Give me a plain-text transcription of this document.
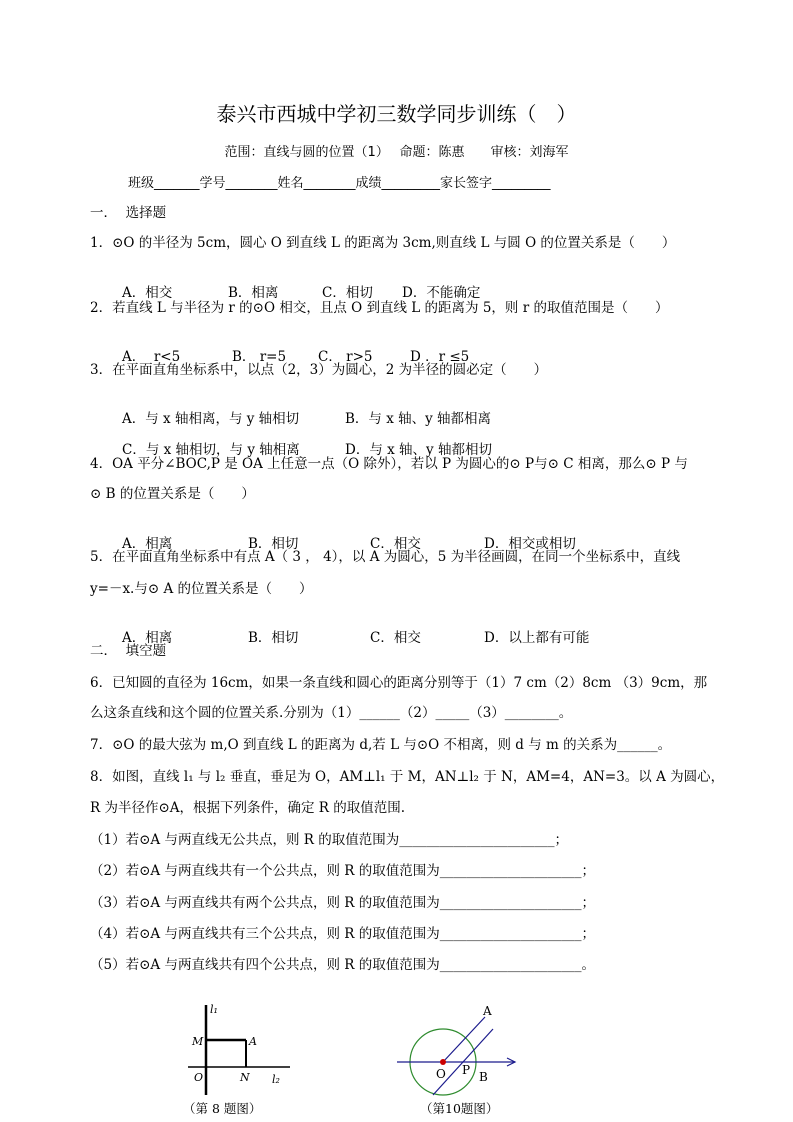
泰兴市西城中学初三数学同步训练（　）
范围：直线与圆的位置（1）　 命题：陈惠　　审核：刘海军
班级_______学号________姓名________成绩_________家长签字_________
一．  选择题
1．⊙O 的半径为 5cm，圆心 O 到直线 L 的距离为 3cm,则直线 L 与圆 O 的位置关系是（　　）

A．相交	B．相离	C．相切 D．不能确定
2．若直线 L 与半径为 r 的⊙O 相交，且点 O 到直线 L 的距离为 5，则 r 的取值范围是（　　）

A．  r<5	B． r=5 C． r>5	D ．r ≤5
3．在平面直角坐标系中，以点（2，3）为圆心，2 为半径的圆必定（　　）

A．与 x 轴相离，与 y 轴相切	B．与 x 轴、y 轴都相离

C．与 x 轴相切，与 y 轴相离	D．与 x 轴、y 轴都相切
4．OA 平分∠BOC,P 是 OA 上任意一点（O 除外），若以 P 为圆心的⊙ P与⊙ C 相离，那么⊙ P 与
⊙ B 的位置关系是（　　）

A．相离	B．相切	C．相交	D．相交或相切
5．在平面直角坐标系中有点 A（ 3 ， 4），以 A 为圆心，5 为半径画圆，在同一个坐标系中，直线
y=－x.与⊙ A 的位置关系是（　　）

A．相离	B．相切	C．相交	D．以上都有可能
二．  填空题
6．已知圆的直径为 16cm，如果一条直线和圆心的距离分别等于（1）7 cm（2）8cm （3）9cm，那
么这条直线和这个圆的位置关系.分别为（1）______（2）_____（3）________。
7．⊙O 的最大弦为 m,O 到直线 L 的距离为 d,若 L 与⊙O 不相离，则 d 与 m 的关系为______。
8．如图，直线 l₁ 与 l₂ 垂直，垂足为 O，AM⊥l₁ 于 M，AN⊥l₂ 于 N，AM=4，AN=3。以 A 为圆心，
R 为半径作⊙A，根据下列条件，确定 R 的取值范围.
（1）若⊙A 与两直线无公共点，则 R 的取值范围为_______________________；
（2）若⊙A 与两直线共有一个公共点，则 R 的取值范围为_____________________；
（3）若⊙A 与两直线共有两个公共点，则 R 的取值范围为_____________________；
（4）若⊙A 与两直线共有三个公共点，则 R 的取值范围为_____________________；
（5）若⊙A 与两直线共有四个公共点，则 R 的取值范围为_____________________。
l₁
M	A
O	N l₂
（第 8 题图）
A
O P B
（第10题图）
